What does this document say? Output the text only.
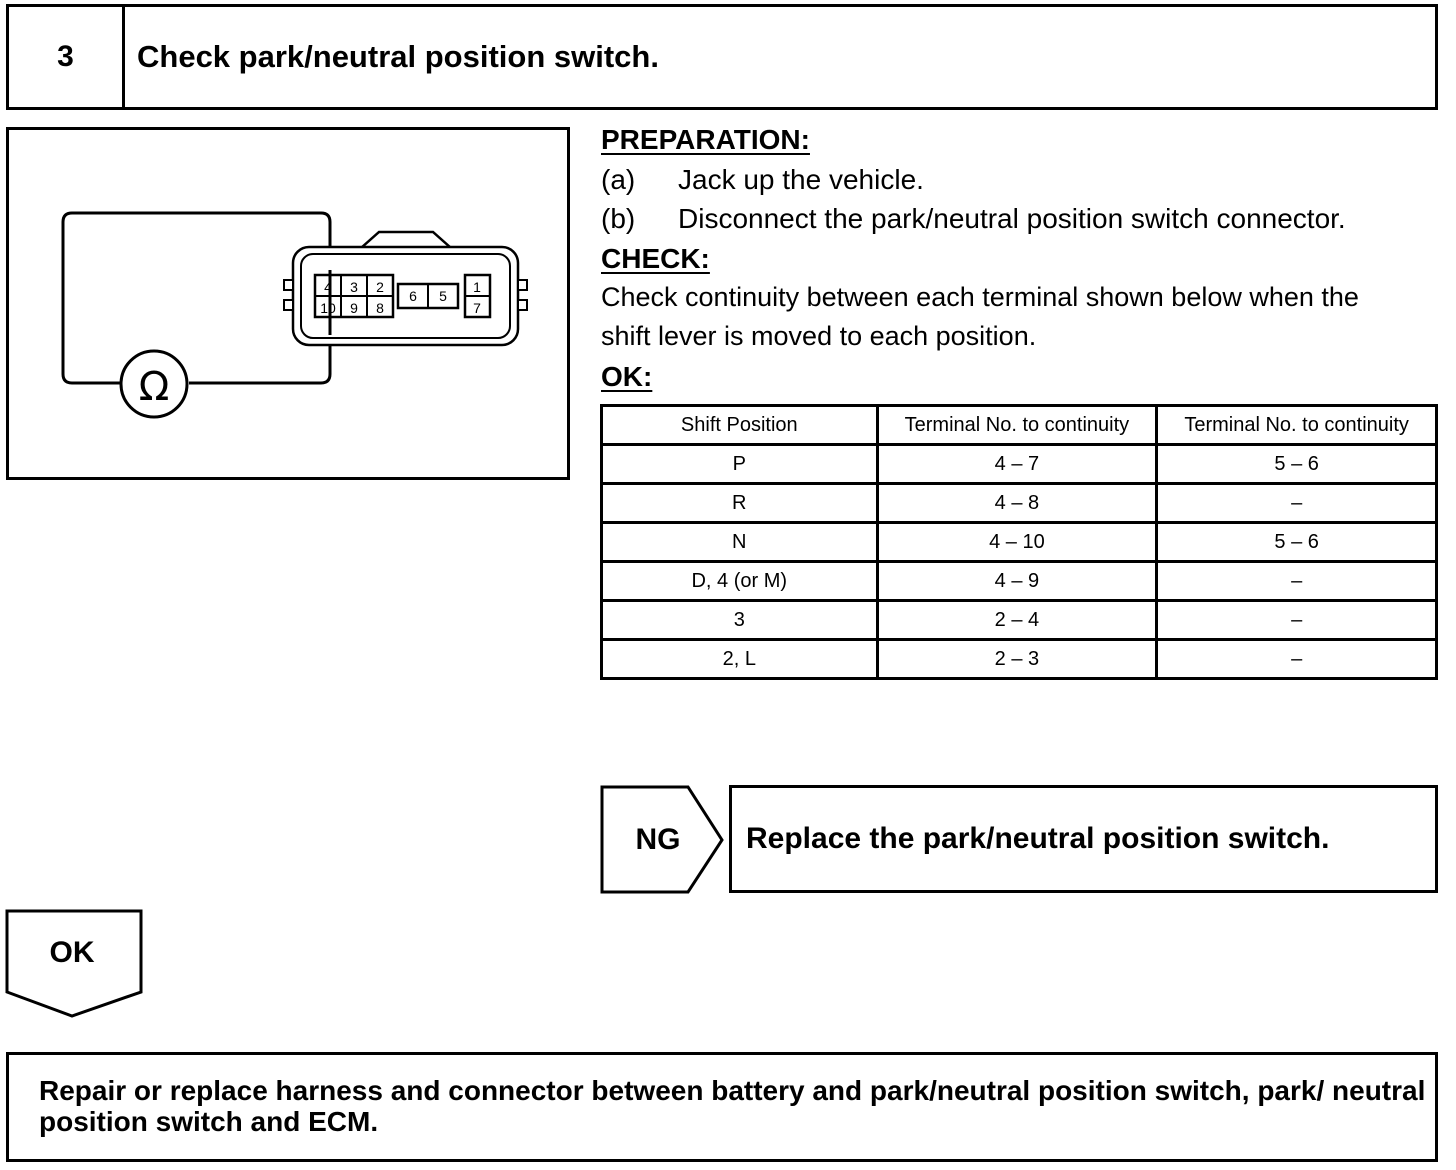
3	Check park/neutral position switch.
Ω
4 3 2
10 9 8
6 5
1
7
PREPARATION:
(a) Jack up the vehicle.
(b) Disconnect the park/neutral position switch connector.
CHECK:
Check continuity between each terminal shown below when the
shift lever is moved to each position.
OK:
Shift Position	Terminal No. to continuity	Terminal No. to continuity
P	4 – 7	5 – 6
R	4 – 8	–
N	4 – 10	5 – 6
D, 4 (or M)	4 – 9	–
3	2 – 4	–
2, L	2 – 3	–
NG Replace the park/neutral position switch.
OK
Repair or replace harness and connector between battery and park/neutral position switch, park/ neutral position switch and ECM.
